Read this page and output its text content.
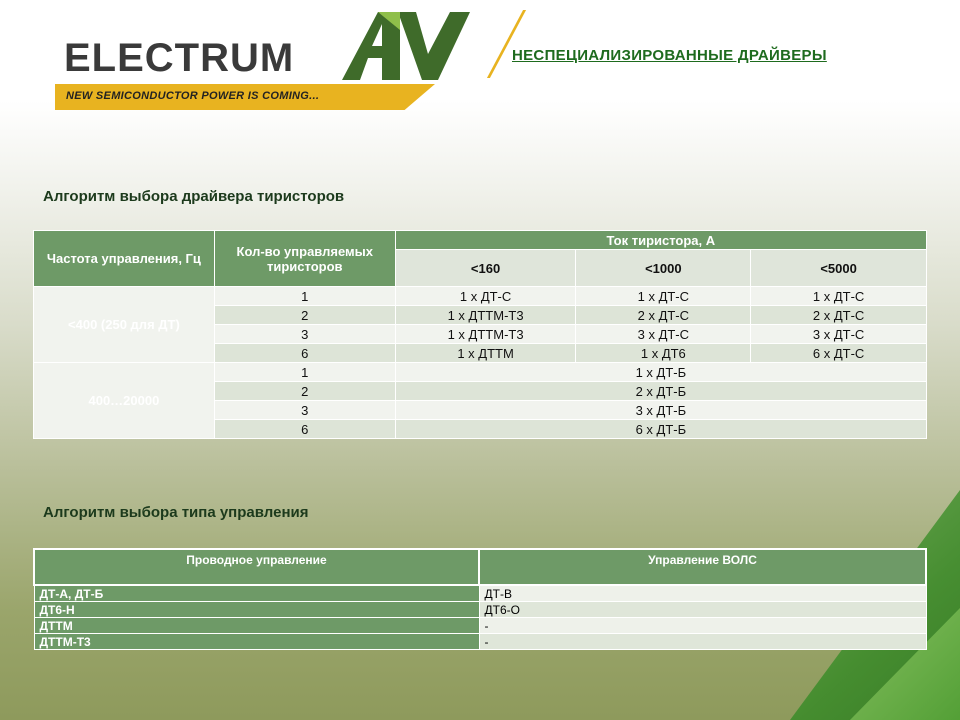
NEW SEMICONDUCTOR POWER IS COMING...
ELECTRUM	НЕСПЕЦИАЛИЗИРОВАННЫЕ ДРАЙВЕРЫ
Алгоритм выбора драйвера тиристоров
Частота управления, Гц	Кол-во управляемых тиристоров	Ток тиристора, А		
		<160	<1000	<5000
<400 (250 для ДТ)	1	1 х ДТ-С	1 х ДТ-С	1 х ДТ-С
	2	1 х ДТТМ-Т3	2 х ДТ-С	2 х ДТ-С
	3	1 х ДТТМ-Т3	3 х ДТ-С	3 х ДТ-С
	6	1 х ДТТМ	1 х ДТ6	6 х ДТ-С
400…20000	1	1 х ДТ-Б		
	2	2 х ДТ-Б		
	3	3 х ДТ-Б		
	6	6 х ДТ-Б		
Алгоритм выбора типа управления
Проводное управление	Управление ВОЛС
ДТ-А, ДТ-Б	ДТ-В
ДТ6-Н	ДТ6-О
ДТТМ	-
ДТТМ-Т3	-
